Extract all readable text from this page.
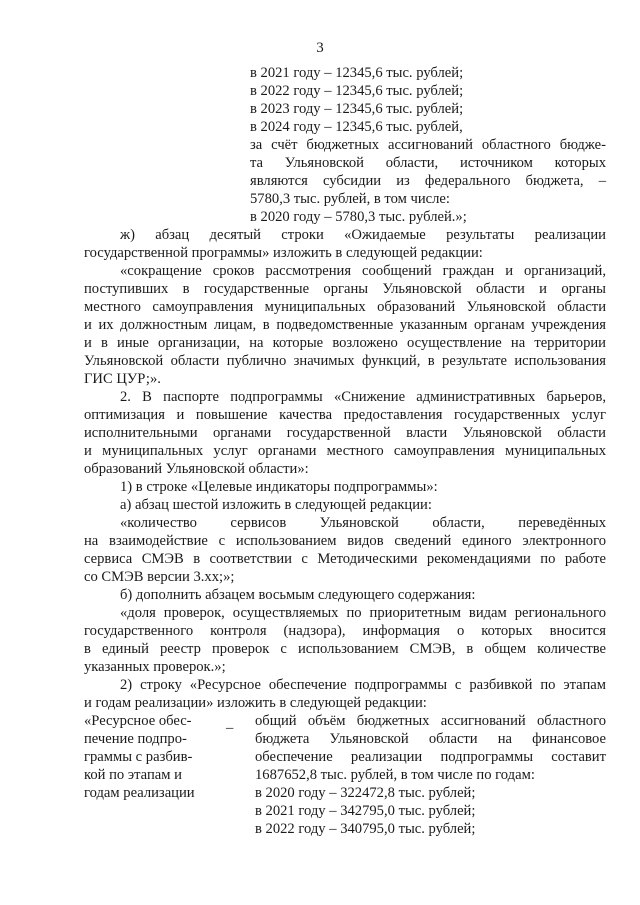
3
в 2021 году – 12345,6 тыс. рублей;
в 2022 году – 12345,6 тыс. рублей;
в 2023 году – 12345,6 тыс. рублей;
в 2024 году – 12345,6 тыс. рублей,
за счёт бюджетных ассигнований областного бюдже-
та Ульяновской области, источником которых
являются субсидии из федерального бюджета, –
5780,3 тыс. рублей, в том числе:
в 2020 году – 5780,3 тыс. рублей.»;
ж) абзац десятый строки «Ожидаемые результаты реализации
государственной программы» изложить в следующей редакции:
«сокращение сроков рассмотрения сообщений граждан и организаций,
поступивших в государственные органы Ульяновской области и органы
местного самоуправления муниципальных образований Ульяновской области
и их должностным лицам, в подведомственные указанным органам учреждения
и в иные организации, на которые возложено осуществление на территории
Ульяновской области публично значимых функций, в результате использования
ГИС ЦУР;».
2. В паспорте подпрограммы «Снижение административных барьеров,
оптимизация и повышение качества предоставления государственных услуг
исполнительными органами государственной власти Ульяновской области
и муниципальных услуг органами местного самоуправления муниципальных
образований Ульяновской области»:
1) в строке «Целевые индикаторы подпрограммы»:
а) абзац шестой изложить в следующей редакции:
«количество сервисов Ульяновской области, переведённых
на взаимодействие с использованием видов сведений единого электронного
сервиса СМЭВ в соответствии с Методическими рекомендациями по работе
со СМЭВ версии 3.хх;»;
б) дополнить абзацем восьмым следующего содержания:
«доля проверок, осуществляемых по приоритетным видам регионального
государственного контроля (надзора), информация о которых вносится
в единый реестр проверок с использованием СМЭВ, в общем количестве
указанных проверок.»;
2) строку «Ресурсное обеспечение подпрограммы с разбивкой по этапам
и годам реализации» изложить в следующей редакции:
«Ресурсное обес-
печение подпро-
граммы с разбив-
кой по этапам и
годам реализации
– общий объём бюджетных ассигнований областного
бюджета Ульяновской области на финансовое
обеспечение реализации подпрограммы составит
1687652,8 тыс. рублей, в том числе по годам:
в 2020 году – 322472,8 тыс. рублей;
в 2021 году – 342795,0 тыс. рублей;
в 2022 году – 340795,0 тыс. рублей;
